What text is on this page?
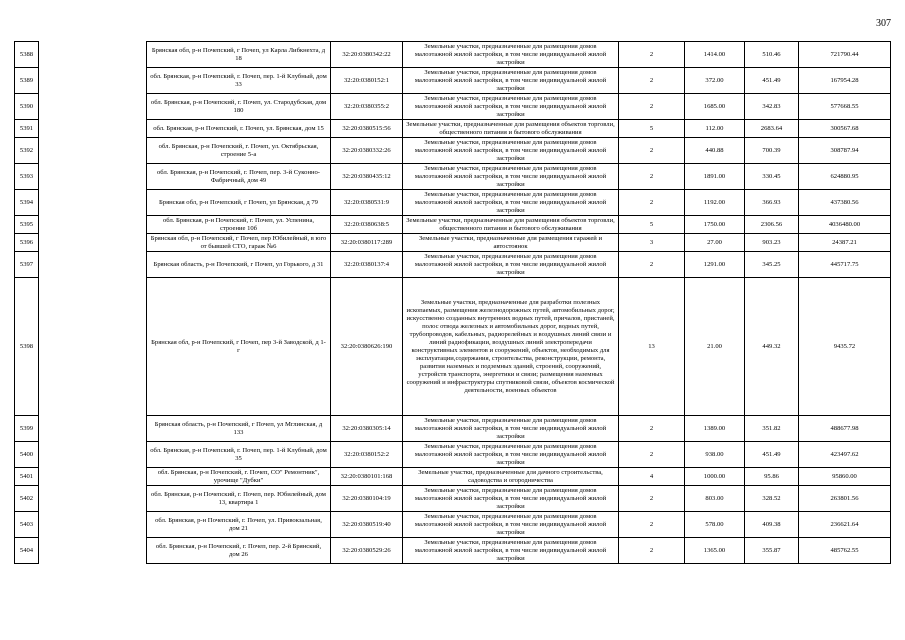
307
5388		Брянская обл, р-н Почепский, г Почеп, ул Карла Либкнехта, д 18	32:20:0380342:22	Земельные участки, предназначенные для размещения домов малоэтажной жилой застройки, в том числе индивидуальной жилой застройки	2	1414.00	510.46	721790.44
5389		обл. Брянская, р-н Почепский, г. Почеп, пер. 1-й Клубный, дом 33	32:20:0380152:1	Земельные участки, предназначенные для размещения домов малоэтажной жилой застройки, в том числе индивидуальной жилой застройки	2	372.00	451.49	167954.28
5390		обл. Брянская, р-н Почепский, г. Почеп, ул. Стародубская, дом 180	32:20:0380355:2	Земельные участки, предназначенные для размещения домов малоэтажной жилой застройки, в том числе индивидуальной жилой застройки	2	1685.00	342.83	577668.55
5391		обл. Брянская, р-н Почепский, г. Почеп, ул. Брянская, дом 15	32:20:0380515:56	Земельные участки, предназначенные для размещения объектов торговли, общественного питания и бытового обслуживания	5	112.00	2683.64	300567.68
5392		обл. Брянская, р-н Почепский, г. Почеп, ул. Октябрьская, строение 5-а	32:20:0380332:26	Земельные участки, предназначенные для размещения домов малоэтажной жилой застройки, в том числе индивидуальной жилой застройки	2	440.88	700.39	308787.94
5393		обл. Брянская, р-н Почепский, г. Почеп, пер. 3-й Суконно-Фабричный, дом 49	32:20:0380435:12	Земельные участки, предназначенные для размещения домов малоэтажной жилой застройки, в том числе индивидуальной жилой застройки	2	1891.00	330.45	624880.95
5394		Брянская обл, р-н Почепский, г Почеп, ул Брянская, д 79	32:20:0380531:9	Земельные участки, предназначенные для размещения домов малоэтажной жилой застройки, в том числе индивидуальной жилой застройки	2	1192.00	366.93	437380.56
5395		обл. Брянская, р-н Почепский, г. Почеп, ул. Успенина, строение 10б	32:20:0380638:5	Земельные участки, предназначенные для размещения объектов торговли, общественного питания и бытового обслуживания	5	1750.00	2306.56	4036480.00
5396		Брянская обл, р-н Почепский, г Почеп, пер Юбилейный, в юго от бывшей СТО, гараж №6	32:20:0380117:289	Земельные участки, предназначенные для размещения гаражей и автостоянок	3	27.00	903.23	24387.21
5397		Брянская область, р-н Почепский, г Почеп, ул Горького, д 31	32:20:0380137:4	Земельные участки, предназначенные для размещения домов малоэтажной жилой застройки, в том числе индивидуальной жилой застройки	2	1291.00	345.25	445717.75
5398		Брянская обл, р-н Почепский, г Почеп, пер 3-й Заводской, д 1-г	32:20:0380626:190	Земельные участки, предназначенные для разработки полезных ископаемых, размещения железнодорожных путей, автомобильных дорог, искусственно созданных внутренних водных путей, причалов, пристаней, полос отвода железных и автомобильных дорог, водных путей, трубопроводов, кабельных, радиорелейных и воздушных линий связи и линий радиофикации, воздушных линий электропередачи конструктивных элементов и сооружений, объектов, необходимых для эксплуатации,содержания, строительства, реконструкции, ремонта, развития наземных и подземных зданий, строений, сооружений, устройств транспорта, энергетики и связи; размещения наземных сооружений и инфраструктуры спутниковой связи, объектов космической деятельности, военных объектов	13	21.00	449.32	9435.72
5399		Брянская область, р-н Почепский, г Почеп, ул Мглинская, д 133	32:20:0380305:14	Земельные участки, предназначенные для размещения домов малоэтажной жилой застройки, в том числе индивидуальной жилой застройки	2	1389.00	351.82	488677.98
5400		обл. Брянская, р-н Почепский, г. Почеп, пер. 1-й Клубный, дом 35	32:20:0380152:2	Земельные участки, предназначенные для размещения домов малоэтажной жилой застройки, в том числе индивидуальной жилой застройки	2	938.00	451.49	423497.62
5401		обл. Брянская, р-н Почепский, г. Почеп, СО" Ремонтник", урочище "Дубки"	32:20:0380101:168	Земельные участки, предназначенные для дачного строительства, садоводства и огородничества	4	1000.00	95.86	95860.00
5402		обл. Брянская, р-н Почепский, г. Почеп, пер. Юбилейный, дом 13, квартира 1	32:20:0380104:19	Земельные участки, предназначенные для размещения домов малоэтажной жилой застройки, в том числе индивидуальной жилой застройки	2	803.00	328.52	263801.56
5403		обл. Брянская, р-н Почепский, г. Почеп, ул. Привокзальная, дом 21	32:20:0380519:40	Земельные участки, предназначенные для размещения домов малоэтажной жилой застройки, в том числе индивидуальной жилой застройки	2	578.00	409.38	236621.64
5404		обл. Брянская, р-н Почепский, г. Почеп, пер. 2-й Брянский, дом 26	32:20:0380529:26	Земельные участки, предназначенные для размещения домов малоэтажной жилой застройки, в том числе индивидуальной жилой застройки	2	1365.00	355.87	485762.55
